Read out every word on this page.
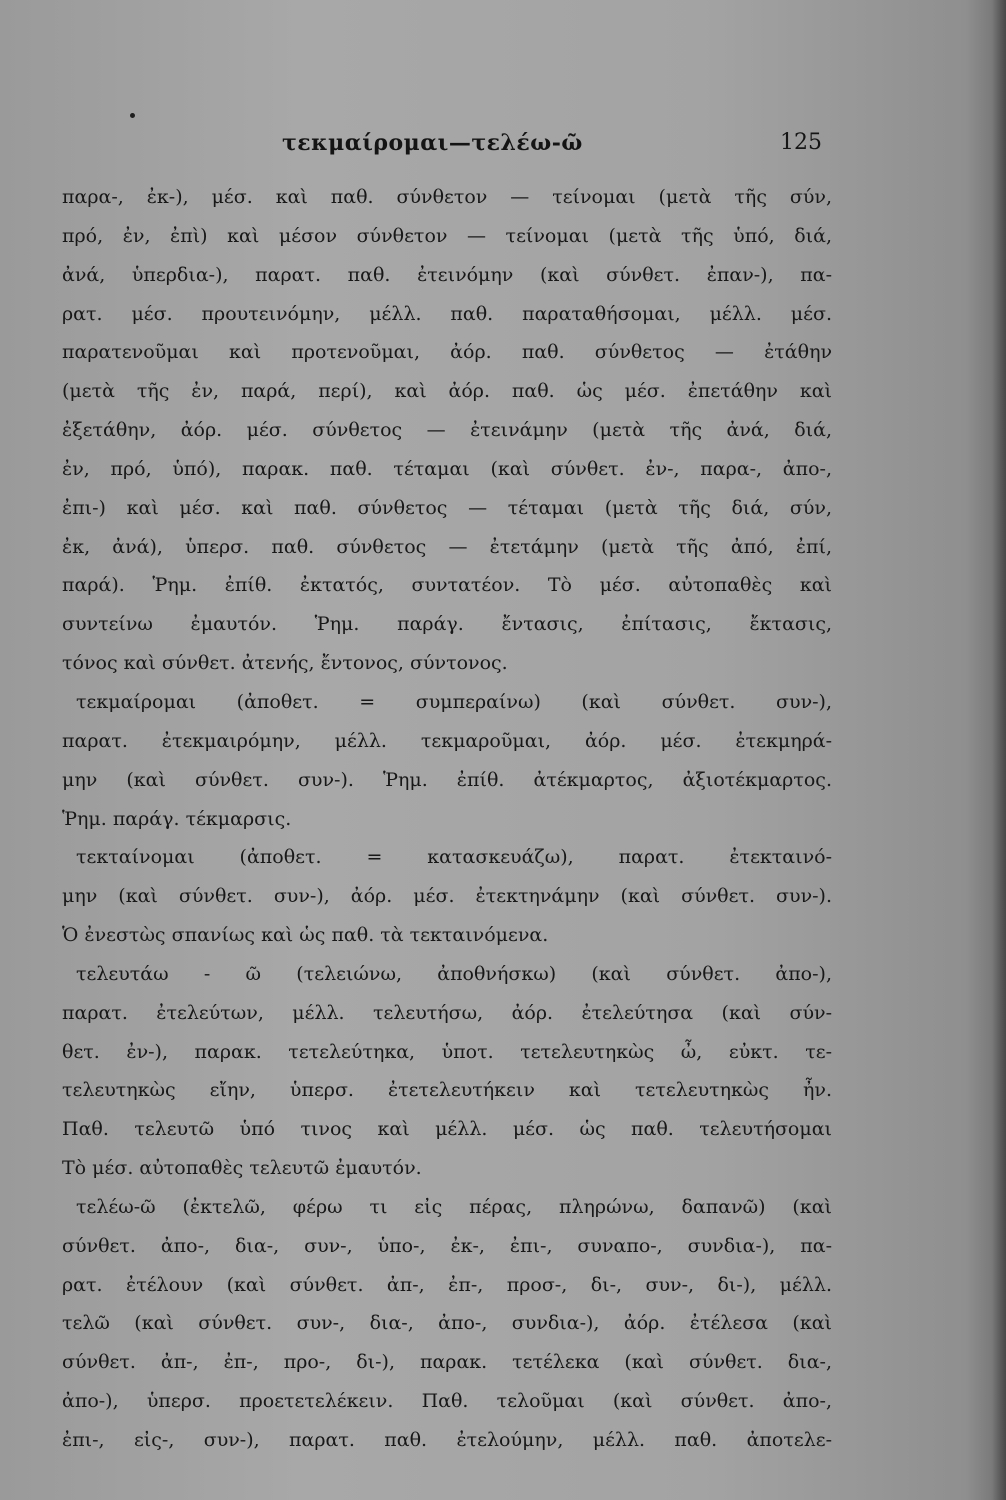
τεκμαίρομαι—τελέω-ῶ	125
παρα-, ἐκ-), μέσ. καὶ παθ. σύνθετον — τείνομαι (μετὰ τῆς σύν,
πρό, ἐν, ἐπὶ) καὶ μέσον σύνθετον — τείνομαι (μετὰ τῆς ὑπό, διά,
ἀνά, ὑπερδια-), παρατ. παθ. ἐτεινόμην (καὶ σύνθετ. ἐπαν-), πα-
ρατ. μέσ. προυτεινόμην, μέλλ. παθ. παραταθήσομαι, μέλλ. μέσ.
παρατενοῦμαι καὶ προτενοῦμαι, ἀόρ. παθ. σύνθετος — ἐτάθην
(μετὰ τῆς ἐν, παρά, περί), καὶ ἀόρ. παθ. ὡς μέσ. ἐπετάθην καὶ
ἐξετάθην, ἀόρ. μέσ. σύνθετος — ἐτεινάμην (μετὰ τῆς ἀνά, διά,
ἐν, πρό, ὑπό), παρακ. παθ. τέταμαι (καὶ σύνθετ. ἐν-, παρα-, ἀπο-,
ἐπι-) καὶ μέσ. καὶ παθ. σύνθετος — τέταμαι (μετὰ τῆς διά, σύν,
ἐκ, ἀνά), ὑπερσ. παθ. σύνθετος — ἐτετάμην (μετὰ τῆς ἀπό, ἐπί,
παρά). Ῥημ. ἐπίθ. ἐκτατός, συντατέον. Τὸ μέσ. αὐτοπαθὲς καὶ
συντείνω ἐμαυτόν. Ῥημ. παράγ. ἔντασις, ἐπίτασις, ἔκτασις,
τόνος καὶ σύνθετ. ἀτενής, ἔντονος, σύντονος.
τεκμαίρομαι (ἀποθετ. = συμπεραίνω) (καὶ σύνθετ. συν-),
παρατ. ἐτεκμαιρόμην, μέλλ. τεκμαροῦμαι, ἀόρ. μέσ. ἐτεκμηρά-
μην (καὶ σύνθετ. συν-). Ῥημ. ἐπίθ. ἀτέκμαρτος, ἀξιοτέκμαρτος.
Ῥημ. παράγ. τέκμαρσις.
τεκταίνομαι (ἀποθετ. = κατασκευάζω), παρατ. ἐτεκταινό-
μην (καὶ σύνθετ. συν-), ἀόρ. μέσ. ἐτεκτηνάμην (καὶ σύνθετ. συν-).
Ὁ ἐνεστὼς σπανίως καὶ ὡς παθ. τὰ τεκταινόμενα.
τελευτάω - ῶ (τελειώνω, ἀποθνήσκω) (καὶ σύνθετ. ἀπο-),
παρατ. ἐτελεύτων, μέλλ. τελευτήσω, ἀόρ. ἐτελεύτησα (καὶ σύν-
θετ. ἐν-), παρακ. τετελεύτηκα, ὑποτ. τετελευτηκὼς ὦ, εὐκτ. τε-
τελευτηκὼς εἴην, ὑπερσ. ἐτετελευτήκειν καὶ τετελευτηκὼς ἦν.
Παθ. τελευτῶ ὑπό τινος καὶ μέλλ. μέσ. ὡς παθ. τελευτήσομαι
Τὸ μέσ. αὐτοπαθὲς τελευτῶ ἐμαυτόν.
τελέω-ῶ (ἐκτελῶ, φέρω τι εἰς πέρας, πληρώνω, δαπανῶ) (καὶ
σύνθετ. ἀπο-, δια-, συν-, ὑπο-, ἐκ-, ἐπι-, συναπο-, συνδια-), πα-
ρατ. ἐτέλουν (καὶ σύνθετ. ἀπ-, ἐπ-, προσ-, δι-, συν-, δι-), μέλλ.
τελῶ (καὶ σύνθετ. συν-, δια-, ἀπο-, συνδια-), ἀόρ. ἐτέλεσα (καὶ
σύνθετ. ἀπ-, ἐπ-, προ-, δι-), παρακ. τετέλεκα (καὶ σύνθετ. δια-,
ἀπο-), ὑπερσ. προετετελέκειν. Παθ. τελοῦμαι (καὶ σύνθετ. ἀπο-,
ἐπι-, εἰς-, συν-), παρατ. παθ. ἐτελούμην, μέλλ. παθ. ἀποτελε-
